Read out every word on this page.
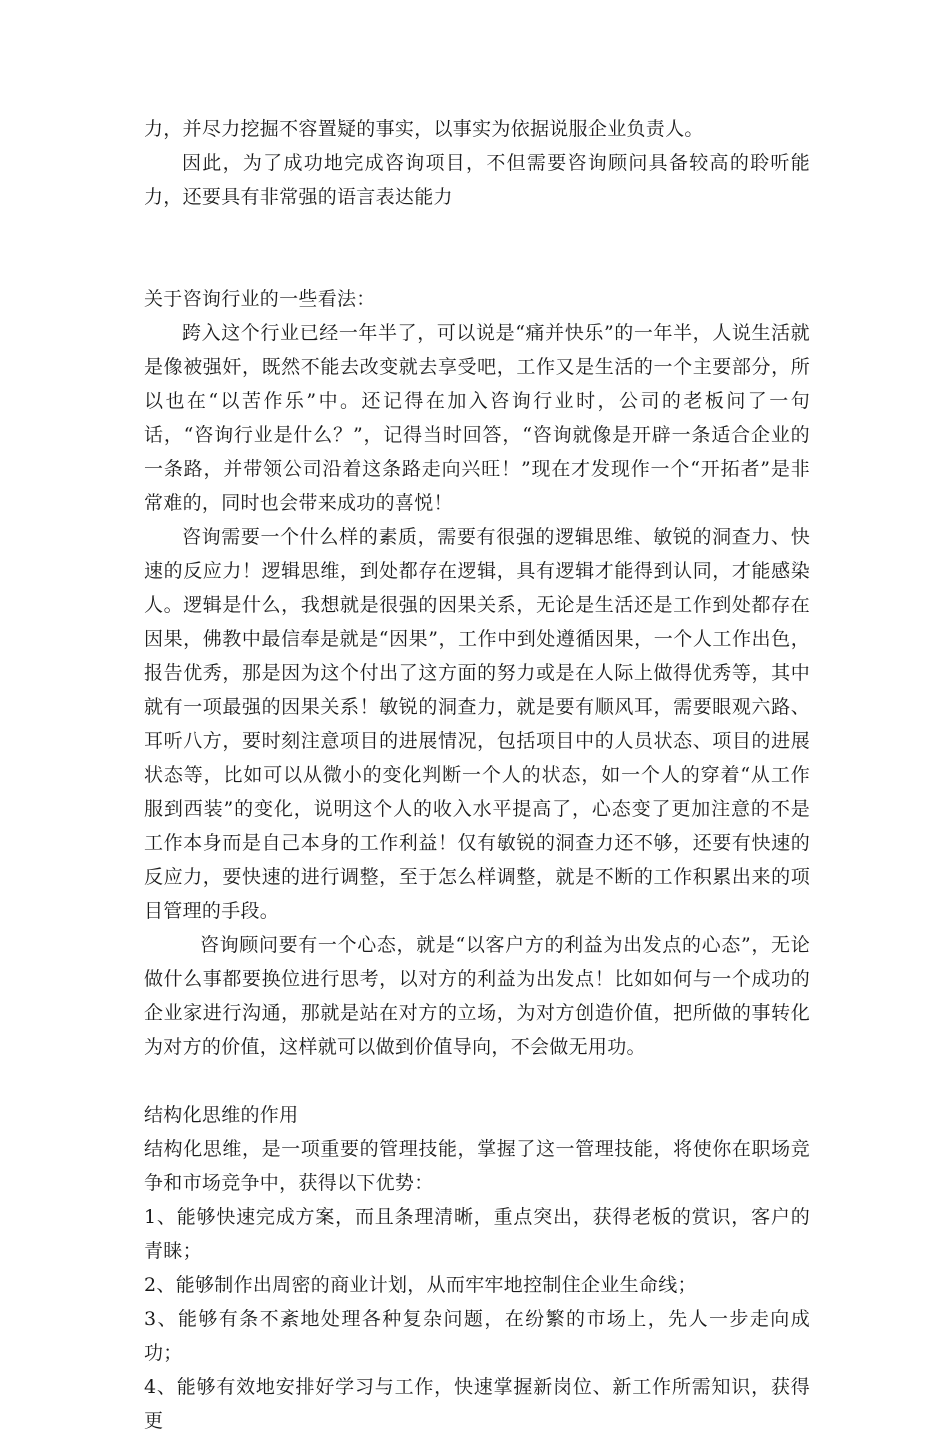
力，并尽力挖掘不容置疑的事实，以事实为依据说服企业负责人。

因此，为了成功地完成咨询项目，不但需要咨询顾问具备较高的聆听能力，还要具有非常强的语言表达能力

关于咨询行业的一些看法：

跨入这个行业已经一年半了，可以说是“痛并快乐”的一年半，人说生活就是像被强奸，既然不能去改变就去享受吧，工作又是生活的一个主要部分，所以也在“以苦作乐”中。还记得在加入咨询行业时，公司的老板问了一句话，“咨询行业是什么？”，记得当时回答，“咨询就像是开辟一条适合企业的一条路，并带领公司沿着这条路走向兴旺！”现在才发现作一个“开拓者”是非常难的，同时也会带来成功的喜悦！

咨询需要一个什么样的素质，需要有很强的逻辑思维、敏锐的洞查力、快速的反应力！逻辑思维，到处都存在逻辑，具有逻辑才能得到认同，才能感染人。逻辑是什么，我想就是很强的因果关系，无论是生活还是工作到处都存在因果，佛教中最信奉是就是“因果”，工作中到处遵循因果，一个人工作出色，报告优秀，那是因为这个付出了这方面的努力或是在人际上做得优秀等，其中就有一项最强的因果关系！敏锐的洞查力，就是要有顺风耳，需要眼观六路、耳听八方，要时刻注意项目的进展情况，包括项目中的人员状态、项目的进展状态等，比如可以从微小的变化判断一个人的状态，如一个人的穿着“从工作服到西装”的变化，说明这个人的收入水平提高了，心态变了更加注意的不是工作本身而是自己本身的工作利益！仅有敏锐的洞查力还不够，还要有快速的反应力，要快速的进行调整，至于怎么样调整，就是不断的工作积累出来的项目管理的手段。

咨询顾问要有一个心态，就是“以客户方的利益为出发点的心态”，无论做什么事都要换位进行思考，以对方的利益为出发点！比如如何与一个成功的企业家进行沟通，那就是站在对方的立场，为对方创造价值，把所做的事转化为对方的价值，这样就可以做到价值导向，不会做无用功。

结构化思维的作用

结构化思维，是一项重要的管理技能，掌握了这一管理技能，将使你在职场竞争和市场竞争中，获得以下优势：

1、能够快速完成方案，而且条理清晰，重点突出，获得老板的赏识，客户的青睐；

2、能够制作出周密的商业计划，从而牢牢地控制住企业生命线；

3、能够有条不紊地处理各种复杂问题，在纷繁的市场上，先人一步走向成功；

4、能够有效地安排好学习与工作，快速掌握新岗位、新工作所需知识，获得更
